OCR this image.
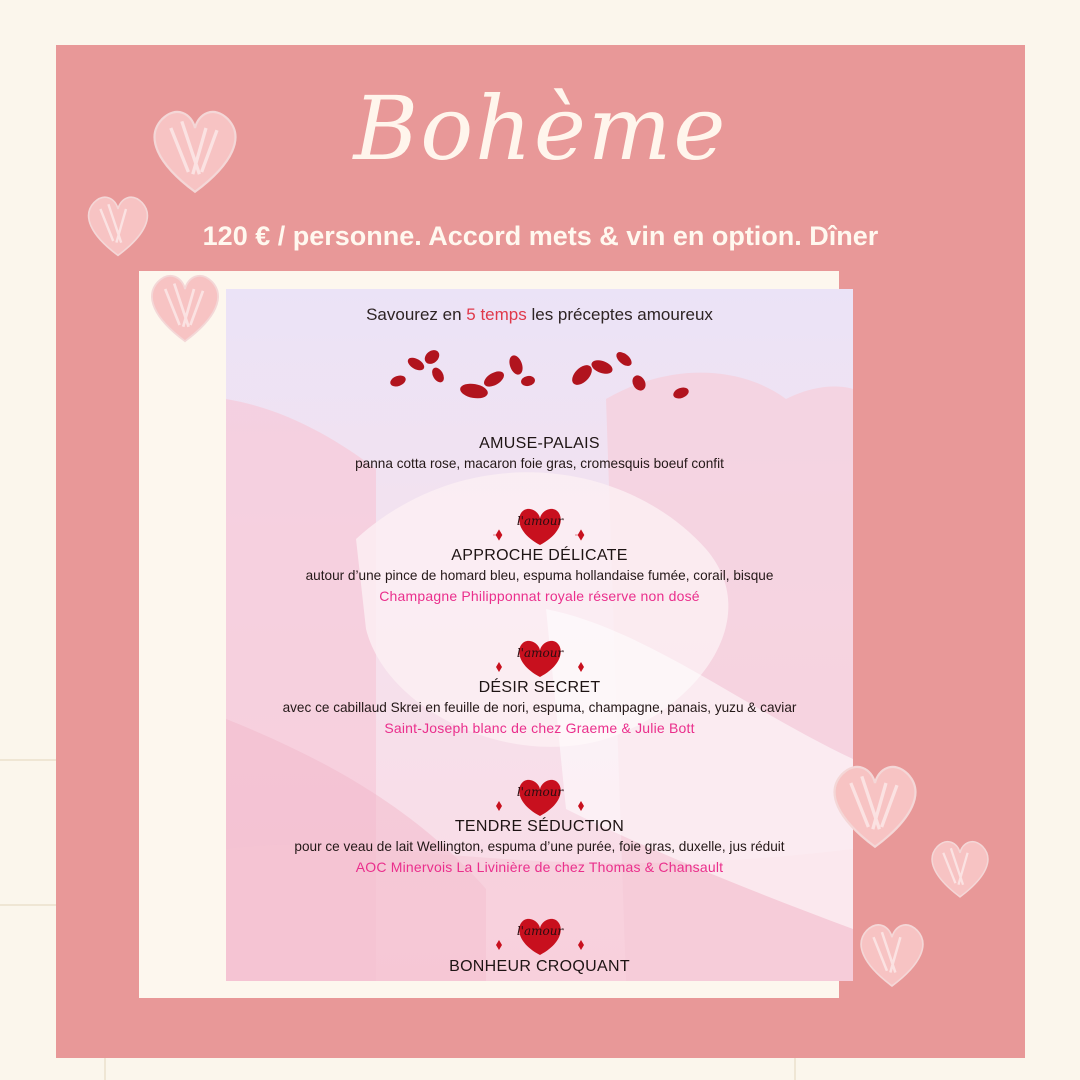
Bohème
120 € / personne. Accord mets & vin en option. Dîner
Savourez en 5 temps les préceptes amoureux
AMUSE-PALAIS
panna cotta rose, macaron foie gras, cromesquis boeuf confit
l'amour
APPROCHE DÉLICATE
autour d’une pince de homard bleu, espuma hollandaise fumée, corail, bisque
Champagne Philipponnat royale réserve non dosé
l'amour
DÉSIR SECRET
avec ce cabillaud Skrei en feuille de nori, espuma, champagne, panais, yuzu & caviar
Saint-Joseph blanc de chez Graeme & Julie Bott
l'amour
TENDRE SÉDUCTION
pour ce veau de lait Wellington, espuma d’une purée, foie gras, duxelle, jus réduit
AOC Minervois La Livinière de chez Thomas & Chansault
l'amour
BONHEUR CROQUANT
